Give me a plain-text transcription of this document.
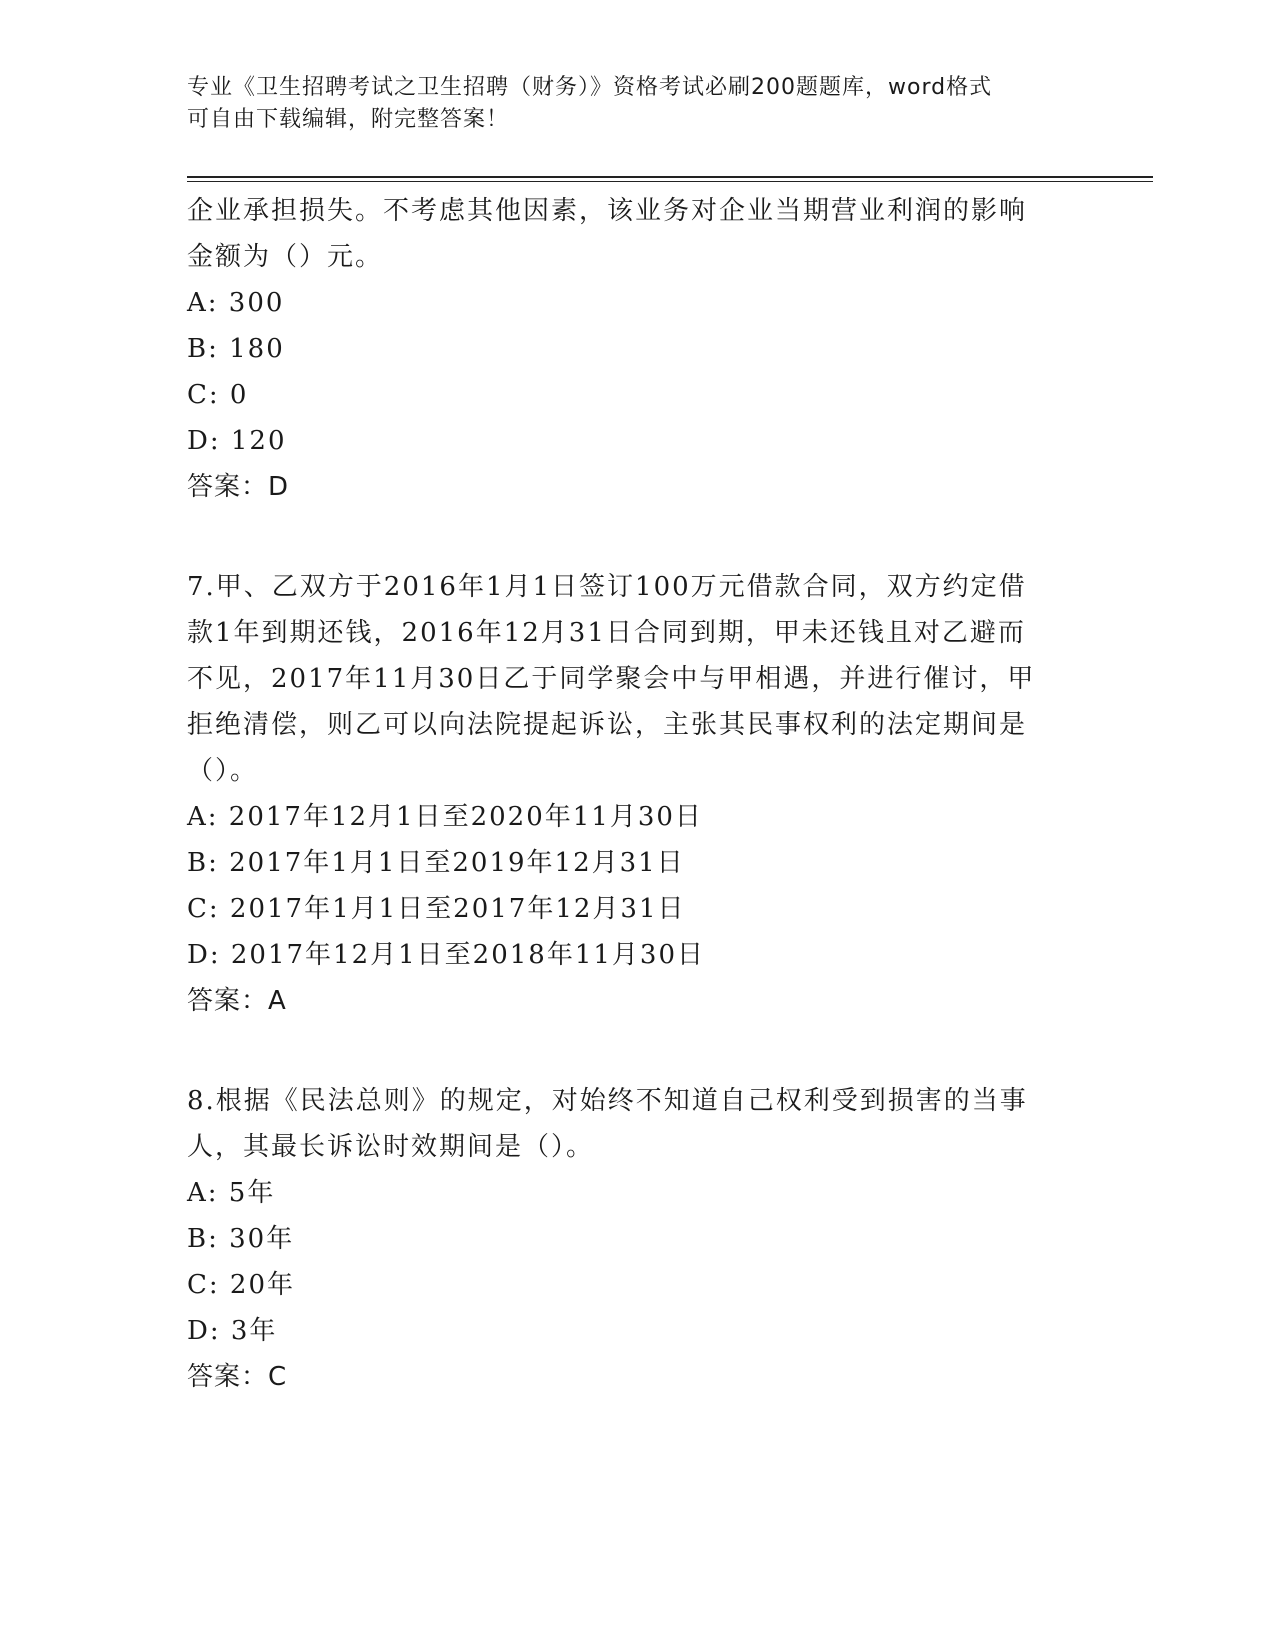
专业《卫生招聘考试之卫生招聘（财务）》资格考试必刷200题题库，word格式
可自由下载编辑，附完整答案！

企业承担损失。不考虑其他因素，该业务对企业当期营业利润的影响

金额为（）元。

A: 300

B: 180

C: 0

D: 120

答案：D

7.甲、乙双方于2016年1月1日签订100万元借款合同，双方约定借

款1年到期还钱，2016年12月31日合同到期，甲未还钱且对乙避而

不见，2017年11月30日乙于同学聚会中与甲相遇，并进行催讨，甲

拒绝清偿，则乙可以向法院提起诉讼，主张其民事权利的法定期间是

（）。

A: 2017年12月1日至2020年11月30日

B: 2017年1月1日至2019年12月31日

C: 2017年1月1日至2017年12月31日

D: 2017年12月1日至2018年11月30日

答案：A

8.根据《民法总则》的规定，对始终不知道自己权利受到损害的当事

人，其最长诉讼时效期间是（）。

A: 5年

B: 30年

C: 20年

D: 3年

答案：C
